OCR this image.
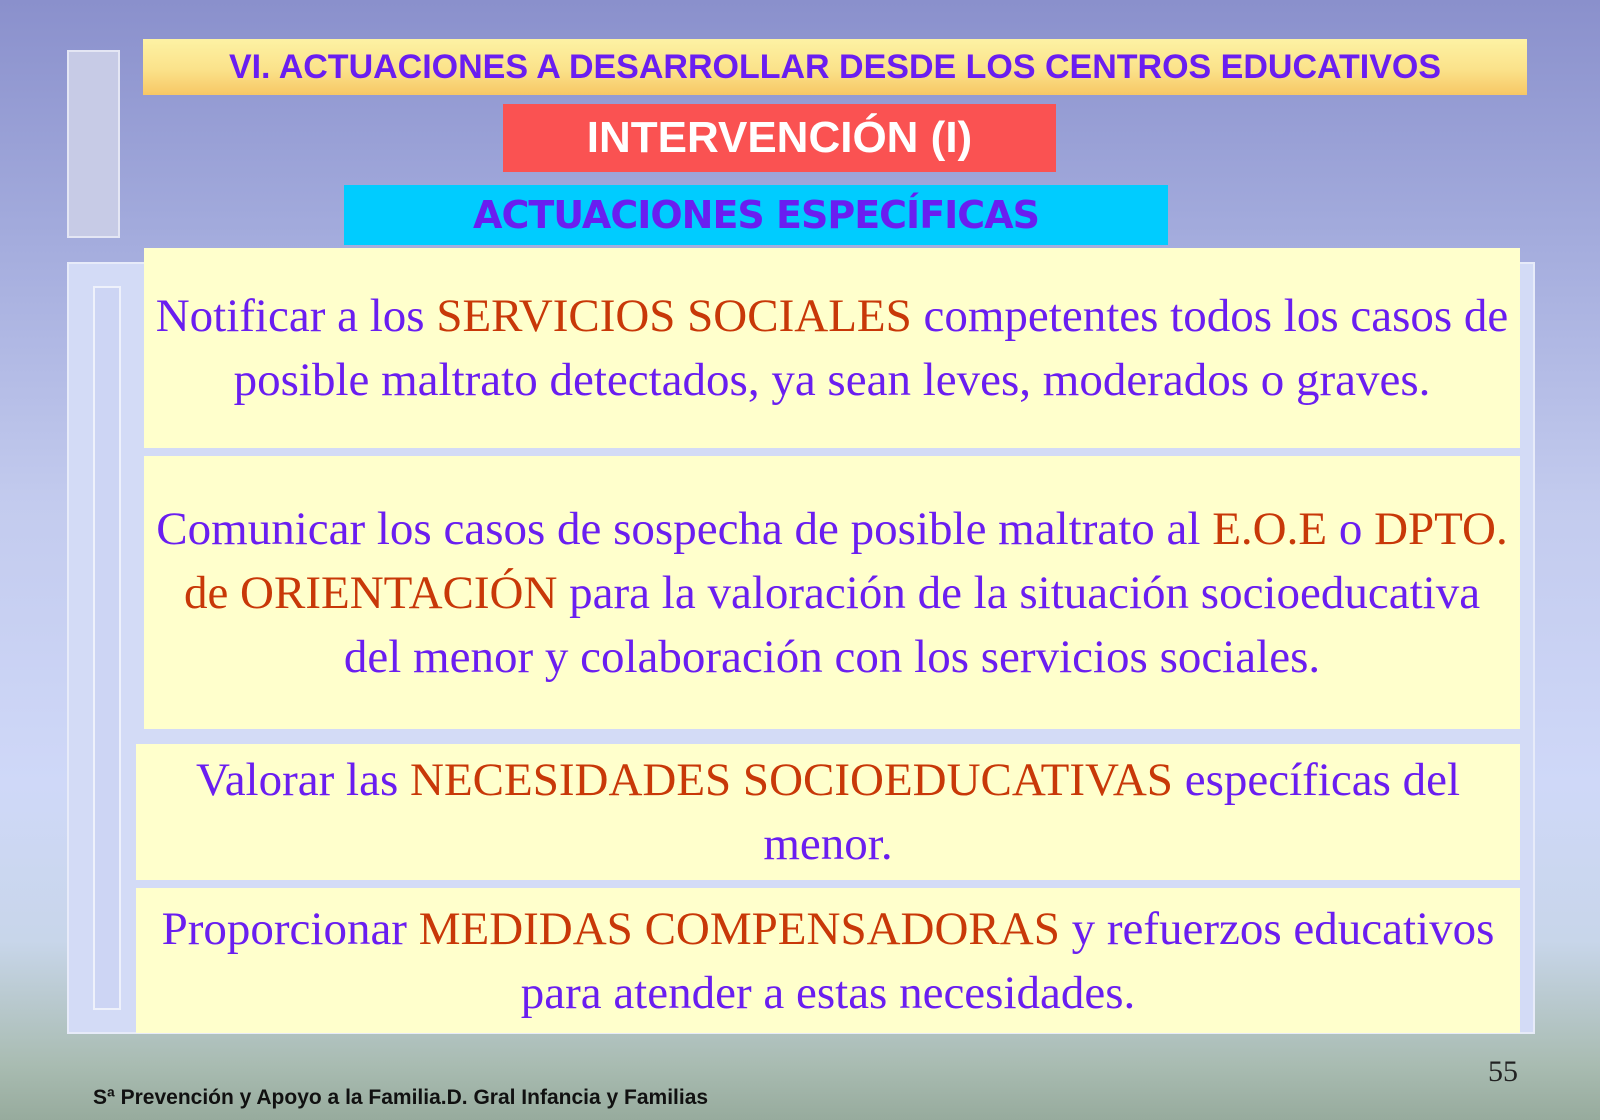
VI. ACTUACIONES A DESARROLLAR DESDE LOS CENTROS EDUCATIVOS
INTERVENCIÓN (I)
ACTUACIONES ESPECÍFICAS

Notificar a los SERVICIOS SOCIALES competentes todos los casos de posible maltrato detectados, ya sean leves, moderados o graves.

Comunicar los casos de sospecha de posible maltrato al E.O.E o DPTO. de ORIENTACIÓN para la valoración de la situación socioeducativa del menor y colaboración con los servicios sociales.

Valorar las NECESIDADES SOCIOEDUCATIVAS específicas del menor.

Proporcionar MEDIDAS COMPENSADORAS y refuerzos educativos para atender a estas necesidades.

55
Sª Prevención y Apoyo a la Familia.D. Gral Infancia y Familias
